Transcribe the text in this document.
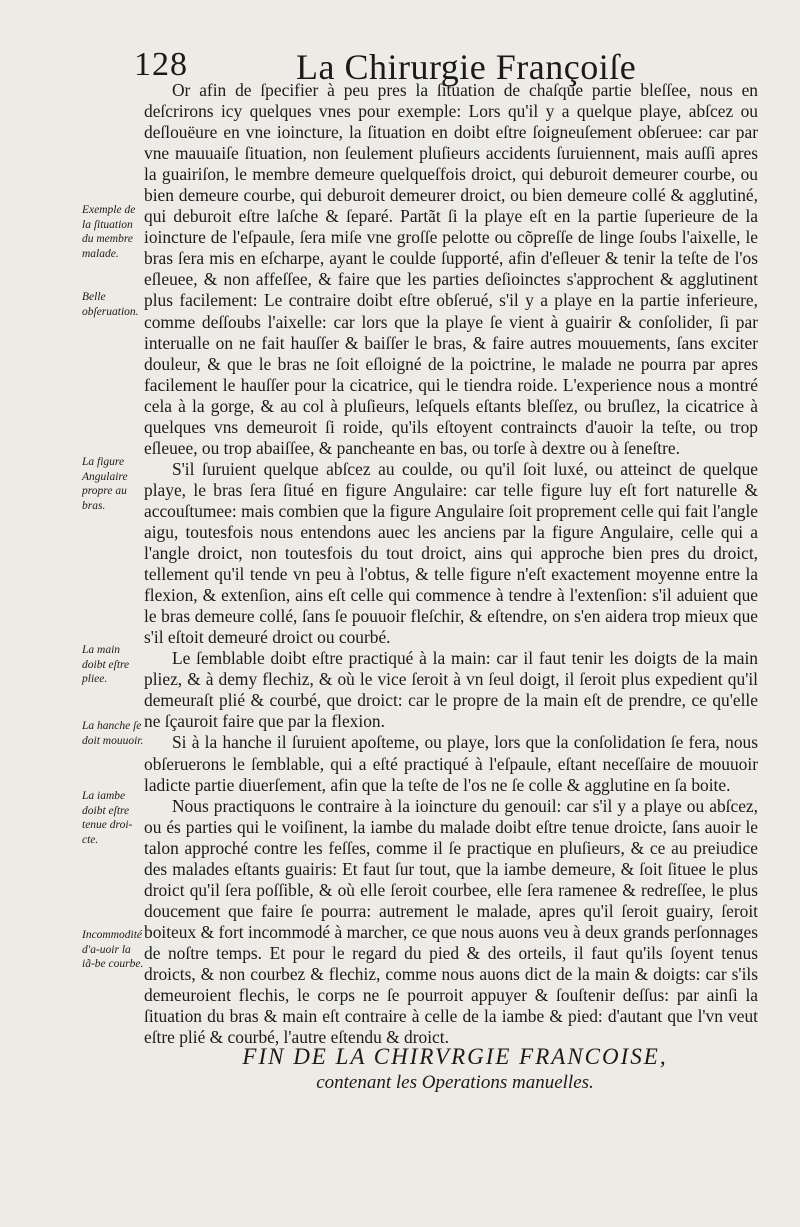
128	La Chirurgie Françoiſe
Exemple de la ſituation du membre malade.
Belle obſeruation.
La figure Angulaire propre au bras.
La main doibt eſtre pliee.
La hanche ſe doit mouuoir.
La iambe doibt eſtre tenue droi-cte.
Incommodité d'a-uoir la iã-be courbe.

Or afin de ſpecifier à peu pres la ſituation de chaſque partie bleſſee, nous en deſcrirons icy quelques vnes pour exemple: Lors qu'il y a quelque playe, abſcez ou deſlouëure en vne ioincture, la ſituation en doibt eſtre ſoigneuſement obſeruee: car par vne mauuaiſe ſituation, non ſeulement pluſieurs accidents ſuruiennent, mais auſſi apres la guairiſon, le membre demeure quelqueſfois droict, qui deburoit demeurer courbe, ou bien demeure courbe, qui deburoit demeurer droict, ou bien demeure collé & agglutiné, qui deburoit eſtre laſche & ſeparé. Partãt ſi la playe eſt en la partie ſuperieure de la ioincture de l'eſpaule, ſera miſe vne groſſe pelotte ou cõpreſſe de linge ſoubs l'aixelle, le bras ſera mis en eſcharpe, ayant le coulde ſupporté, afin d'eſleuer & tenir la teſte de l'os eſleuee, & non affeſſee, & faire que les parties deſioinctes s'approchent & agglutinent plus facilement: Le contraire doibt eſtre obſerué, s'il y a playe en la partie inferieure, comme deſſoubs l'aixelle: car lors que la playe ſe vient à guairir & conſolider, ſi par interualle on ne fait hauſſer & baiſſer le bras, & faire autres mouuements, ſans exciter douleur, & que le bras ne ſoit eſloigné de la poictrine, le malade ne pourra par apres facilement le hauſſer pour la cicatrice, qui le tiendra roide. L'experience nous a montré cela à la gorge, & au col à pluſieurs, leſquels eſtants bleſſez, ou bruſlez, la cicatrice à quelques vns demeuroit ſi roide, qu'ils eſtoyent contraincts d'auoir la teſte, ou trop eſleuee, ou trop abaiſſee, & pancheante en bas, ou torſe à dextre ou à ſeneſtre.

S'il ſuruient quelque abſcez au coulde, ou qu'il ſoit luxé, ou atteinct de quelque playe, le bras ſera ſitué en figure Angulaire: car telle figure luy eſt fort naturelle & accouſtumee: mais combien que la figure Angulaire ſoit proprement celle qui fait l'angle aigu, toutesfois nous entendons auec les anciens par la figure Angulaire, celle qui a l'angle droict, non toutesfois du tout droict, ains qui approche bien pres du droict, tellement qu'il tende vn peu à l'obtus, & telle figure n'eſt exactement moyenne entre la flexion, & extenſion, ains eſt celle qui commence à tendre à l'extenſion: s'il aduient que le bras demeure collé, ſans ſe pouuoir fleſchir, & eſtendre, on s'en aidera trop mieux que s'il eſtoit demeuré droict ou courbé.

Le ſemblable doibt eſtre practiqué à la main: car il faut tenir les doigts de la main pliez, & à demy flechiz, & où le vice ſeroit à vn ſeul doigt, il ſeroit plus expedient qu'il demeuraſt plié & courbé, que droict: car le propre de la main eſt de prendre, ce qu'elle ne ſçauroit faire que par la flexion.

Si à la hanche il ſuruient apoſteme, ou playe, lors que la conſolidation ſe fera, nous obſeruerons le ſemblable, qui a eſté practiqué à l'eſpaule, eſtant neceſſaire de mouuoir ladicte partie diuerſement, afin que la teſte de l'os ne ſe colle & agglutine en ſa boite.

Nous practiquons le contraire à la ioincture du genouil: car s'il y a playe ou abſcez, ou és parties qui le voiſinent, la iambe du malade doibt eſtre tenue droicte, ſans auoir le talon approché contre les feſſes, comme il ſe practique en pluſieurs, & ce au preiudice des malades eſtants guairis: Et faut ſur tout, que la iambe demeure, & ſoit ſituee le plus droict qu'il ſera poſſible, & où elle ſeroit courbee, elle ſera ramenee & redreſſee, le plus doucement que faire ſe pourra: autrement le malade, apres qu'il ſeroit guairy, ſeroit boiteux & fort incommodé à marcher, ce que nous auons veu à deux grands perſonnages de noſtre temps. Et pour le regard du pied & des orteils, il faut qu'ils ſoyent tenus droicts, & non courbez & flechiz, comme nous auons dict de la main & doigts: car s'ils demeuroient flechis, le corps ne ſe pourroit appuyer & ſouſtenir deſſus: par ainſi la ſituation du bras & main eſt contraire à celle de la iambe & pied: d'autant que l'vn veut eſtre plié & courbé, l'autre eſtendu & droict.

FIN DE LA CHIRVRGIE FRANCOISE,
contenant les Operations manuelles.
